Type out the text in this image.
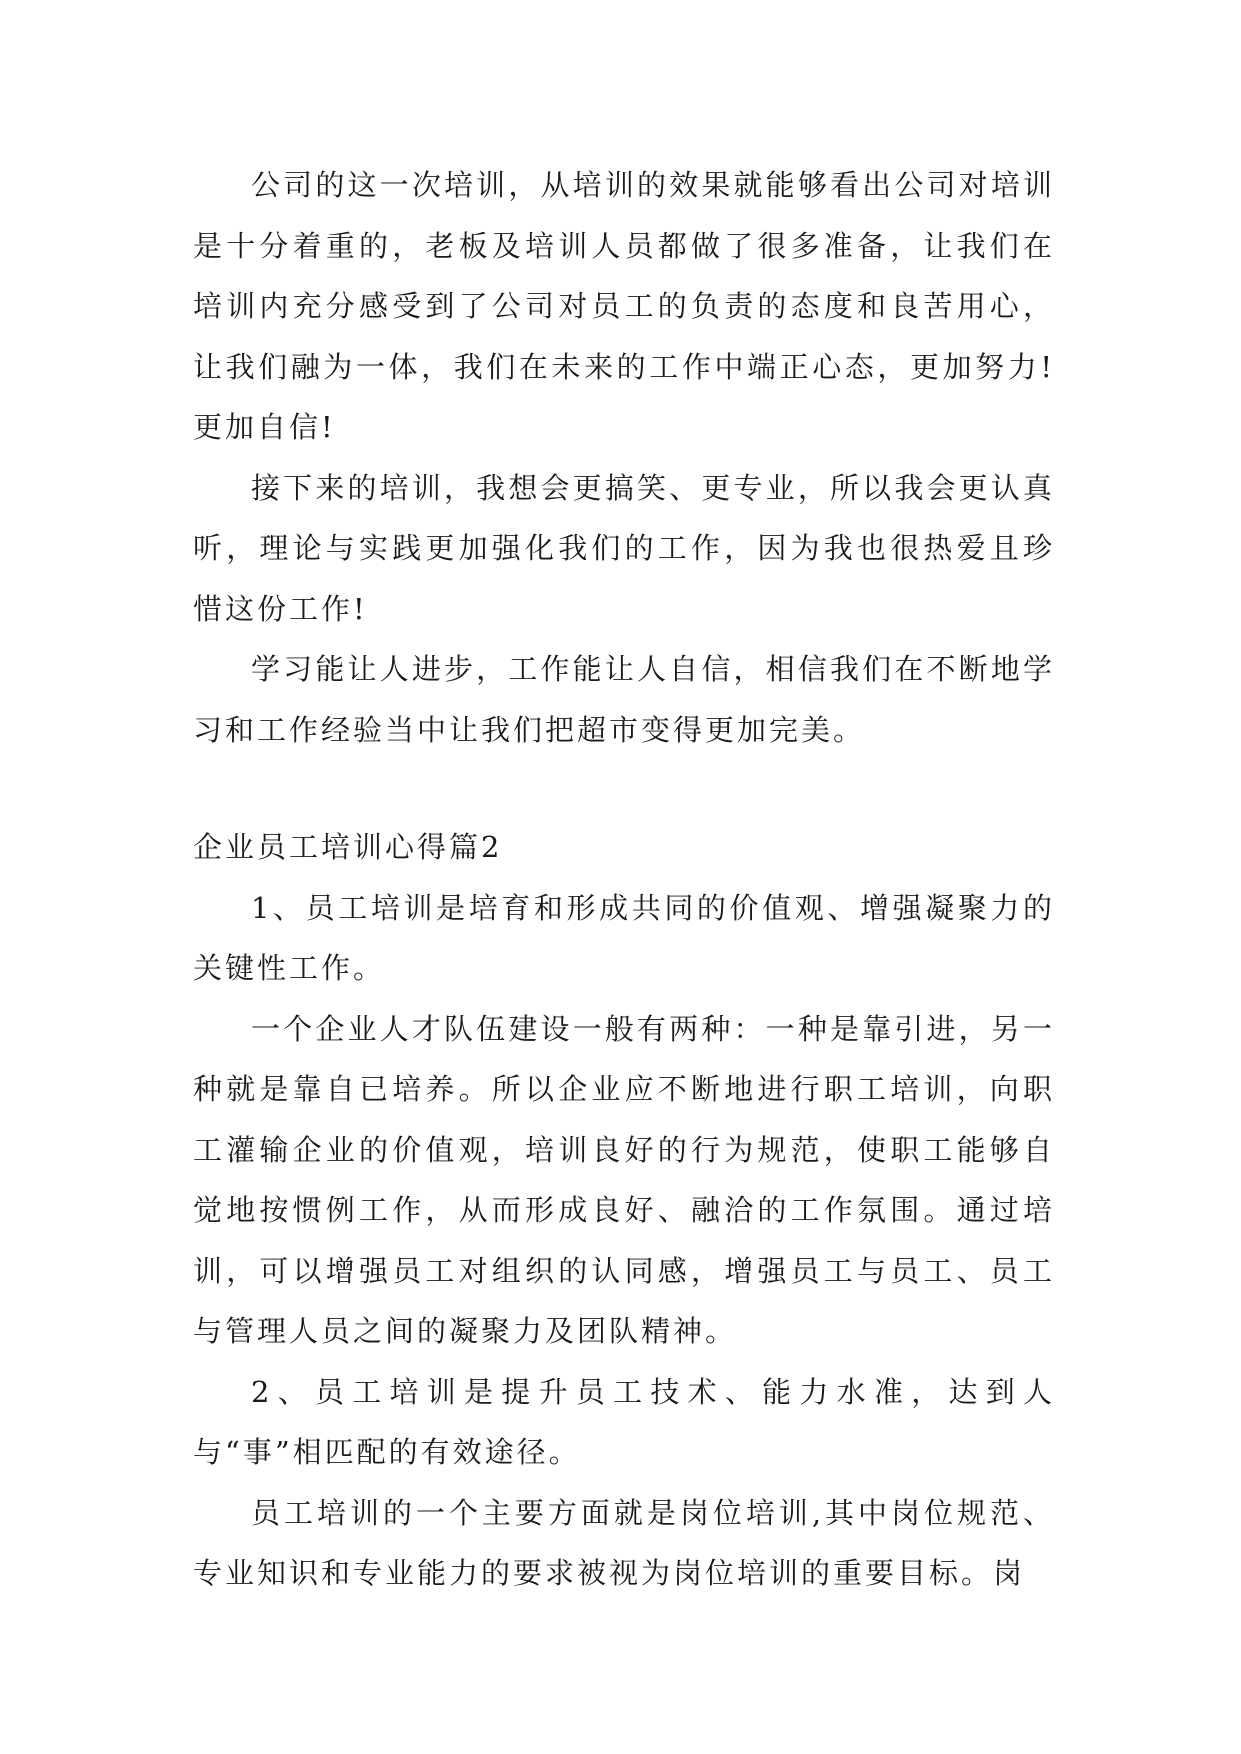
公司的这一次培训，从培训的效果就能够看出公司对培训是十分着重的，老板及培训人员都做了很多准备，让我们在培训内充分感受到了公司对员工的负责的态度和良苦用心，让我们融为一体，我们在未来的工作中端正心态，更加努力!更加自信!

接下来的培训，我想会更搞笑、更专业，所以我会更认真听，理论与实践更加强化我们的工作，因为我也很热爱且珍惜这份工作!

学习能让人进步，工作能让人自信，相信我们在不断地学习和工作经验当中让我们把超市变得更加完美。

企业员工培训心得篇2

1、员工培训是培育和形成共同的价值观、增强凝聚力的关键性工作。

一个企业人才队伍建设一般有两种：一种是靠引进，另一种就是靠自已培养。所以企业应不断地进行职工培训，向职工灌输企业的价值观，培训良好的行为规范，使职工能够自觉地按惯例工作，从而形成良好、融洽的工作氛围。通过培训，可以增强员工对组织的认同感，增强员工与员工、员工与管理人员之间的凝聚力及团队精神。

2、员工培训是提升员工技术、能力水准，达到人与“事”相匹配的有效途径。

员工培训的一个主要方面就是岗位培训,其中岗位规范、专业知识和专业能力的要求被视为岗位培训的重要目标。岗
